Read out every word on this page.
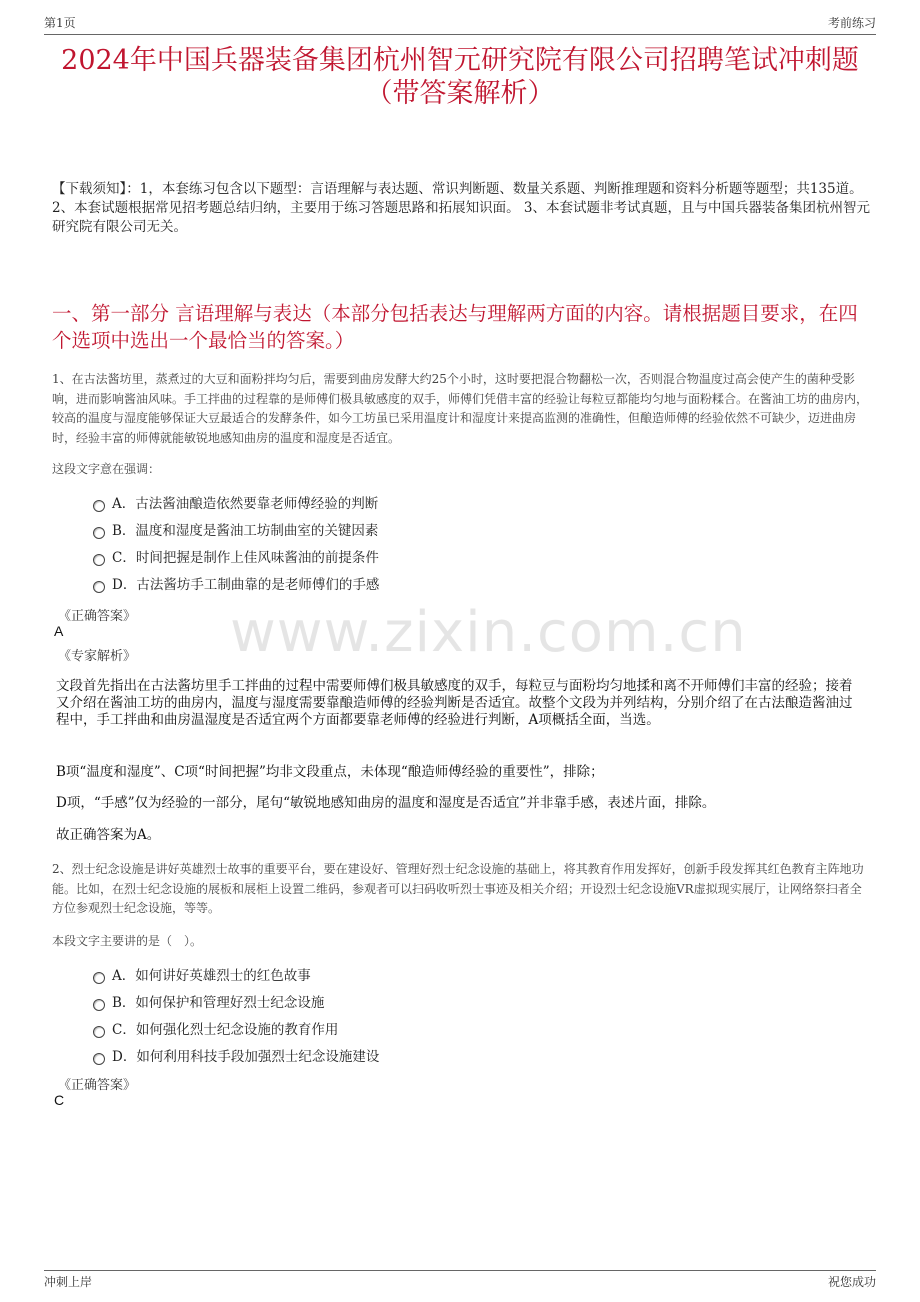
第1页	考前练习
2024年中国兵器装备集团杭州智元研究院有限公司招聘笔试冲刺题（带答案解析）
【下载须知】：1，本套练习包含以下题型：言语理解与表达题、常识判断题、数量关系题、判断推理题和资料分析题等题型；共135道。 2、本套试题根据常见招考题总结归纳，主要用于练习答题思路和拓展知识面。 3、本套试题非考试真题，且与中国兵器装备集团杭州智元研究院有限公司无关。
一、第一部分 言语理解与表达（本部分包括表达与理解两方面的内容。请根据题目要求，在四个选项中选出一个最恰当的答案。）
www.zixin.com.cn
1、在古法酱坊里，蒸煮过的大豆和面粉拌均匀后，需要到曲房发酵大约25个小时，这时要把混合物翻松一次，否则混合物温度过高会使产生的菌种受影响，进而影响酱油风味。手工拌曲的过程靠的是师傅们极具敏感度的双手，师傅们凭借丰富的经验让每粒豆都能均匀地与面粉糅合。在酱油工坊的曲房内，较高的温度与湿度能够保证大豆最适合的发酵条件，如今工坊虽已采用温度计和湿度计来提高监测的准确性，但酿造师傅的经验依然不可缺少，迈进曲房时，经验丰富的师傅就能敏锐地感知曲房的温度和湿度是否适宜。
这段文字意在强调：
A．古法酱油酿造依然要靠老师傅经验的判断
B．温度和湿度是酱油工坊制曲室的关键因素
C．时间把握是制作上佳风味酱油的前提条件
D．古法酱坊手工制曲靠的是老师傅们的手感
《正确答案》
A
《专家解析》
文段首先指出在古法酱坊里手工拌曲的过程中需要师傅们极具敏感度的双手，每粒豆与面粉均匀地揉和离不开师傅们丰富的经验；接着又介绍在酱油工坊的曲房内，温度与湿度需要靠酿造师傅的经验判断是否适宜。故整个文段为并列结构，分别介绍了在古法酿造酱油过程中，手工拌曲和曲房温湿度是否适宜两个方面都要靠老师傅的经验进行判断，A项概括全面，当选。
B项“温度和湿度”、C项“时间把握”均非文段重点，未体现“酿造师傅经验的重要性”，排除；
D项，“手感”仅为经验的一部分，尾句“敏锐地感知曲房的温度和湿度是否适宜”并非靠手感，表述片面，排除。
故正确答案为A。
2、烈士纪念设施是讲好英雄烈士故事的重要平台，要在建设好、管理好烈士纪念设施的基础上，将其教育作用发挥好，创新手段发挥其红色教育主阵地功能。比如，在烈士纪念设施的展板和展柜上设置二维码，参观者可以扫码收听烈士事迹及相关介绍；开设烈士纪念设施VR虚拟现实展厅，让网络祭扫者全方位参观烈士纪念设施，等等。
本段文字主要讲的是（　）。
A．如何讲好英雄烈士的红色故事
B．如何保护和管理好烈士纪念设施
C．如何强化烈士纪念设施的教育作用
D．如何利用科技手段加强烈士纪念设施建设
《正确答案》
C
冲刺上岸	祝您成功
